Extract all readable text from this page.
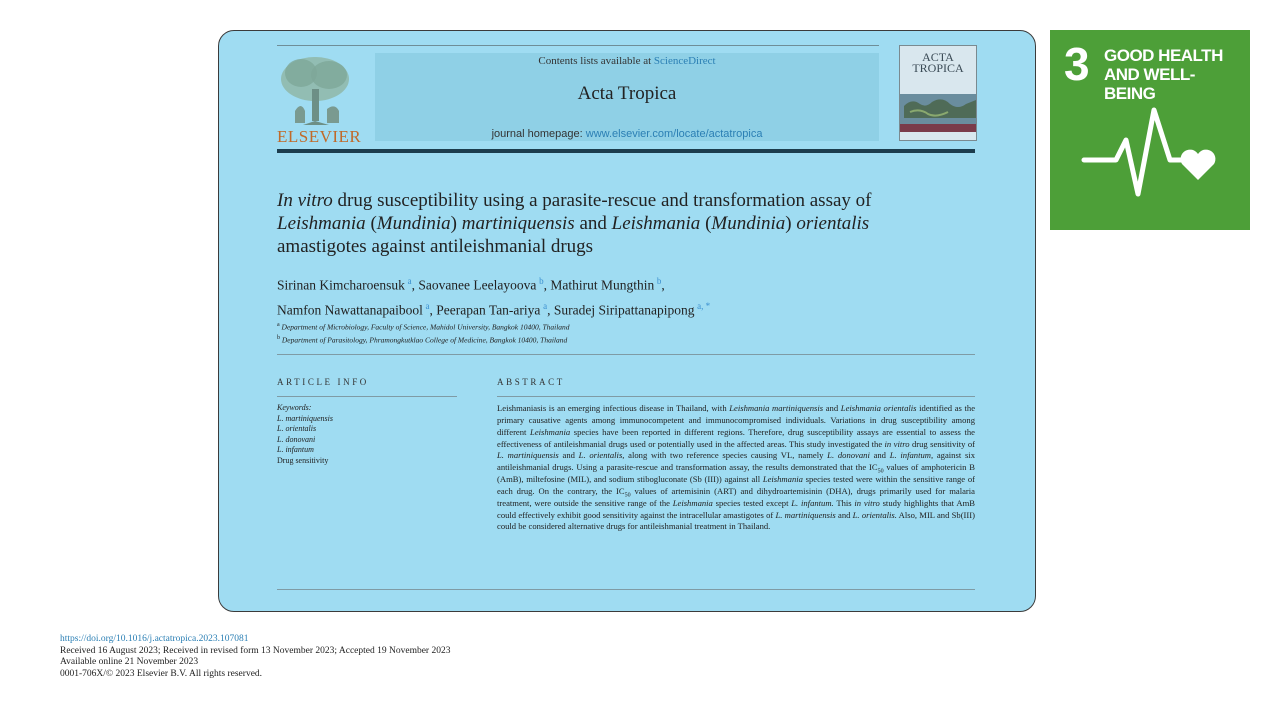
ELSEVIER
Contents lists available at ScienceDirect
Acta Tropica
journal homepage: www.elsevier.com/locate/actatropica
ACTA
TROPICA
In vitro drug susceptibility using a parasite-rescue and transformation assay of Leishmania (Mundinia) martiniquensis and Leishmania (Mundinia) orientalis amastigotes against antileishmanial drugs
Sirinan Kimcharoensuk  $^a$, Saovanee Leelayoova  $^b$, Mathirut Mungthin  $^b$,
Namfon Nawattanapaibool  $^a$, Peerapan Tan-ariya  $^a$, Suradej Siripattanapipong  $^{a, *}$
$^a$ Department of Microbiology, Faculty of Science, Mahidol University, Bangkok 10400, Thailand
$^b$ Department of Parasitology, Phramongkutklao College of Medicine, Bangkok 10400, Thailand
ARTICLE INFO	ABSTRACT
Keywords:
L. martiniquensis
L. orientalis
L. donovani
L. infantum
Drug sensitivity

Leishmaniasis is an emerging infectious disease in Thailand, with Leishmania martiniquensis and Leishmania orientalis identified as the primary causative agents among immunocompetent and immunocompromised individuals. Variations in drug susceptibility among different Leishmania species have been reported in different regions. Therefore, drug susceptibility assays are essential to assess the effectiveness of antileishmanial drugs used or potentially used in the affected areas. This study investigated the in vitro drug sensitivity of L. martiniquensis and L. orientalis, along with two reference species causing VL, namely L. donovani and L. infantum, against six antileishmanial drugs. Using a parasite-rescue and transformation assay, the results demonstrated that the $IC_{50}$ values of amphotericin B (AmB), miltefosine (MIL), and sodium stibogluconate (Sb (III)) against all Leishmania species tested were within the sensitive range of each drug. On the contrary, the $IC_{50}$ values of artemisinin (ART) and dihydroartemisinin (DHA), drugs primarily used for malaria treatment, were outside the sensitive range of the Leishmania species tested except L. infantum. This in vitro study highlights that AmB could effectively exhibit good sensitivity against the intracellular amastigotes of L. martiniquensis and L. orientalis. Also, MIL and Sb(III) could be considered alternative drugs for antileishmanial treatment in Thailand.

3 GOOD HEALTH
AND WELL-BEING
https://doi.org/10.1016/j.actatropica.2023.107081
Received 16 August 2023; Received in revised form 13 November 2023; Accepted 19 November 2023
Available online 21 November 2023
0001-706X/© 2023 Elsevier B.V. All rights reserved.
